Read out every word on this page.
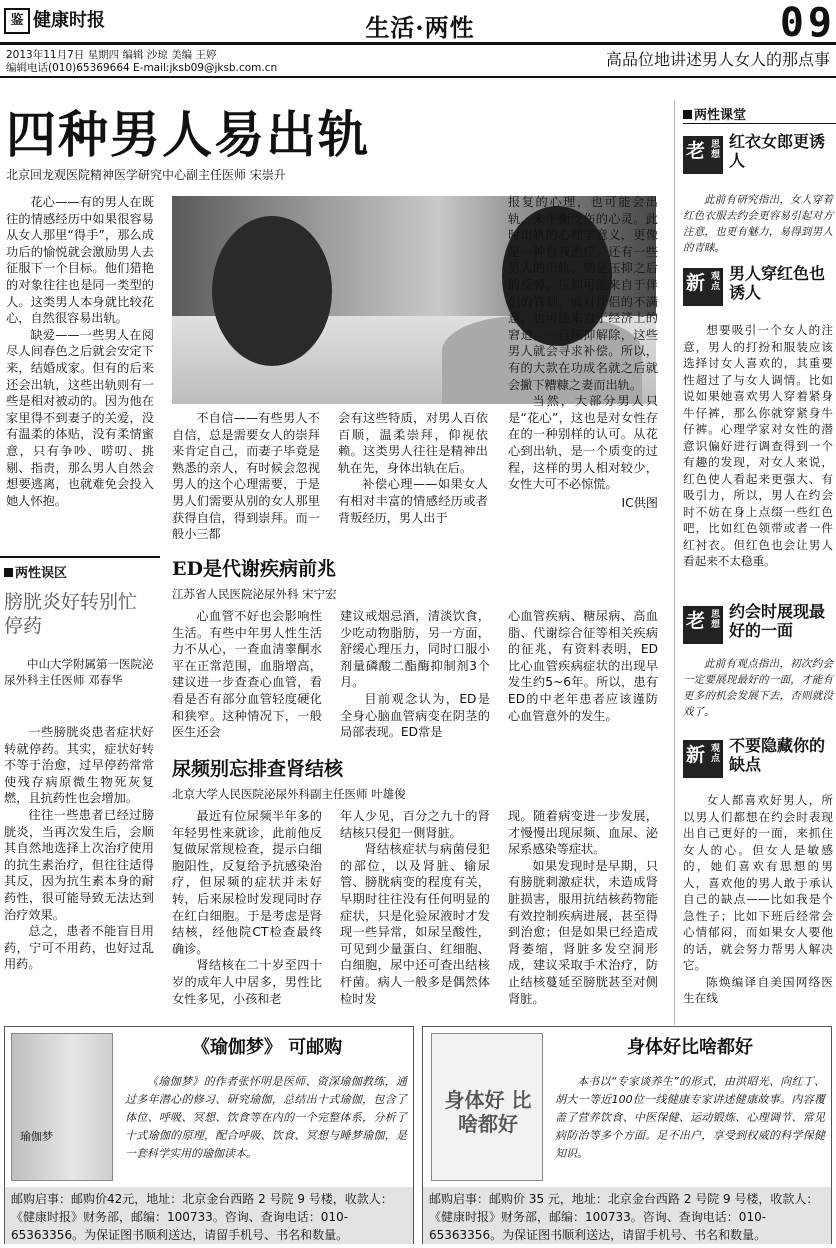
鉴 健康时报	生活·两性	09
2013年11月7日 星期四 编辑 沙琼 美编 王婷
编辑电话(010)65369664 E-mail:jksb09@jksb.com.cn	高品位地讲述男人女人的那点事
四种男人易出轨
北京回龙观医院精神医学研究中心副主任医师 宋崇升

花心——有的男人在既往的情感经历中如果很容易从女人那里“得手”，那么成功后的愉悦就会激励男人去征服下一个目标。他们猎艳的对象往往也是同一类型的人。这类男人本身就比较花心，自然很容易出轨。

缺爱——一些男人在阅尽人间春色之后就会安定下来，结婚成家。但有的后来还会出轨，这些出轨则有一些是相对被动的。因为他在家里得不到妻子的关爱，没有温柔的体贴，没有柔情蜜意，只有争吵、唠叨、挑剔、指责，那么男人自然会想要逃离，也就难免会投入她人怀抱。

不自信——有些男人不自信，总是需要女人的崇拜来肯定自己，而妻子毕竟是熟悉的亲人，有时候会忽视男人的这个心理需要，于是男人们需要从别的女人那里获得自信，得到崇拜。而一般小三都

会有这些特质，对男人百依百顺，温柔崇拜，仰视依赖。这类男人往往是精神出轨在先，身体出轨在后。

补偿心理——如果女人有相对丰富的情感经历或者背叛经历，男人出于

报复的心理，也可能会出轨，来平衡受伤的心灵。此时出轨的心理学意义，更像是一种自我治疗。还有一些男人的出轨，则是压抑之后的反弹。压抑可能来自于伴侣的管制，或对伴侣的不满意，也可能来自于经济上的窘迫。一旦压抑解除，这些男人就会寻求补偿。所以，有的大款在功成名就之后就会撇下糟糠之妻而出轨。

当然，大部分男人只是“花心”，这也是对女性存在的一种别样的认可。从花心到出轨，是一个质变的过程，这样的男人相对较少，女性大可不必惊慌。

IC供图
ED是代谢疾病前兆
江苏省人民医院泌尿外科 宋宁宏

心血管不好也会影响性生活。有些中年男人性生活力不从心，一查血清睾酮水平在正常范围，血脂增高，建议进一步查查心血管，看看是否有部分血管轻度硬化和狭窄。这种情况下，一般医生还会

建议戒烟忌酒，清淡饮食，少吃动物脂肪，另一方面，舒缓心理压力，同时口服小剂量磷酸二酯酶抑制剂3个月。

目前观念认为，ED是全身心脑血管病变在阴茎的局部表现。ED常是

心血管疾病、糖尿病、高血脂、代谢综合征等相关疾病的征兆，有资料表明，ED比心血管疾病症状的出现早发生约5~6年。所以，患有ED的中老年患者应该谨防心血管意外的发生。

尿频别忘排查肾结核
北京大学人民医院泌尿外科副主任医师 叶雄俊

最近有位尿频半年多的年轻男性来就诊，此前他反复做尿常规检查，提示白细胞阳性，反复给予抗感染治疗，但尿频的症状并未好转，后来尿检时发现同时存在红白细胞。于是考虑是肾结核，经他院CT检查最终确诊。

肾结核在二十岁至四十岁的成年人中居多，男性比女性多见，小孩和老

年人少见，百分之九十的肾结核只侵犯一侧肾脏。

肾结核症状与病菌侵犯的部位，以及肾脏、输尿管、膀胱病变的程度有关，早期时往往没有任何明显的症状，只是化验尿液时才发现一些异常，如尿呈酸性，可见到少量蛋白、红细胞、白细胞，尿中还可查出结核杆菌。病人一般多是偶然体检时发

现。随着病变进一步发展，才慢慢出现尿频、血尿、泌尿系感染等症状。

如果发现时是早期，只有膀胱刺激症状，未造成肾脏损害，服用抗结核药物能有效控制疾病进展，甚至得到治愈；但是如果已经造成肾萎缩，肾脏多发空洞形成，建议采取手术治疗，防止结核蔓延至膀胱甚至对侧肾脏。

两性误区
膀胱炎好转别忙停药
中山大学附属第一医院泌尿外科主任医师 邓春华

一些膀胱炎患者症状好转就停药。其实，症状好转不等于治愈，过早停药常常使残存病原微生物死灰复燃，且抗药性也会增加。

往往一些患者已经过膀胱炎，当再次发生后，会顺其自然地选择上次治疗使用的抗生素治疗，但往往适得其反，因为抗生素本身的耐药性，很可能导致无法达到治疗效果。

总之，患者不能盲目用药，宁可不用药，也好过乱用药。

两性课堂
老 思想
红衣女郎更诱人

此前有研究指出，女人穿着红色衣服去约会更容易引起对方注意，也更有魅力，易得到男人的青睐。

新 观点
男人穿红色也诱人

想要吸引一个女人的注意，男人的打扮和服装应该选择讨女人喜欢的，其重要性超过了与女人调情。比如说如果她喜欢男人穿着紧身牛仔裤，那么你就穿紧身牛仔裤。心理学家对女性的潜意识偏好进行调查得到一个有趣的发现，对女人来说，红色使人看起来更强大、有吸引力，所以，男人在约会时不妨在身上点缀一些红色吧，比如红色领带或者一件红衬衣。但红色也会让男人看起来不太稳重。

老 思想
约会时展现最好的一面

此前有观点指出，初次约会一定要展现最好的一面，才能有更多的机会发展下去，否则就没戏了。

新 观点
不要隐藏你的缺点

女人都喜欢好男人，所以男人们都想在约会时表现出自己更好的一面，来抓住女人的心。但女人是敏感的，她们喜欢有思想的男人，喜欢他的男人敢于承认自己的缺点——比如我是个急性子；比如下班后经常会心情郁闷，而如果女人要他的话，就会努力帮男人解决它。

陈焕编译自美国网络医生在线

瑜伽梦
《瑜伽梦》 可邮购

《瑜伽梦》的作者张怀明是医师、资深瑜伽教练，通过多年潜心的修习、研究瑜伽，总结出十式瑜伽，包含了体位、呼吸、冥想、饮食等在内的一个完整体系，分析了十式瑜伽的原理，配合呼吸、饮食、冥想与睡梦瑜伽，是一套科学实用的瑜伽读本。

邮购启事：邮购价42元，地址：北京金台西路 2 号院 9 号楼，收款人：《健康时报》财务部，邮编：100733。咨询、查询电话：010-65363356。为保证图书顺利送达，请留手机号、书名和数量。
身体好 比啥都好
身体好比啥都好

本书以“专家谈养生”的形式，由洪昭光、向红丁、胡大一等近100位一线健康专家讲述健康故事。内容覆盖了营养饮食、中医保健、运动锻炼、心理调节、常见病防治等多个方面。足不出户，享受到权威的科学保健知识。

邮购启事：邮购价 35 元，地址：北京金台西路 2 号院 9 号楼，收款人：《健康时报》财务部，邮编：100733。咨询、查询电话：010-65363356。为保证图书顺利送达，请留手机号、书名和数量。
